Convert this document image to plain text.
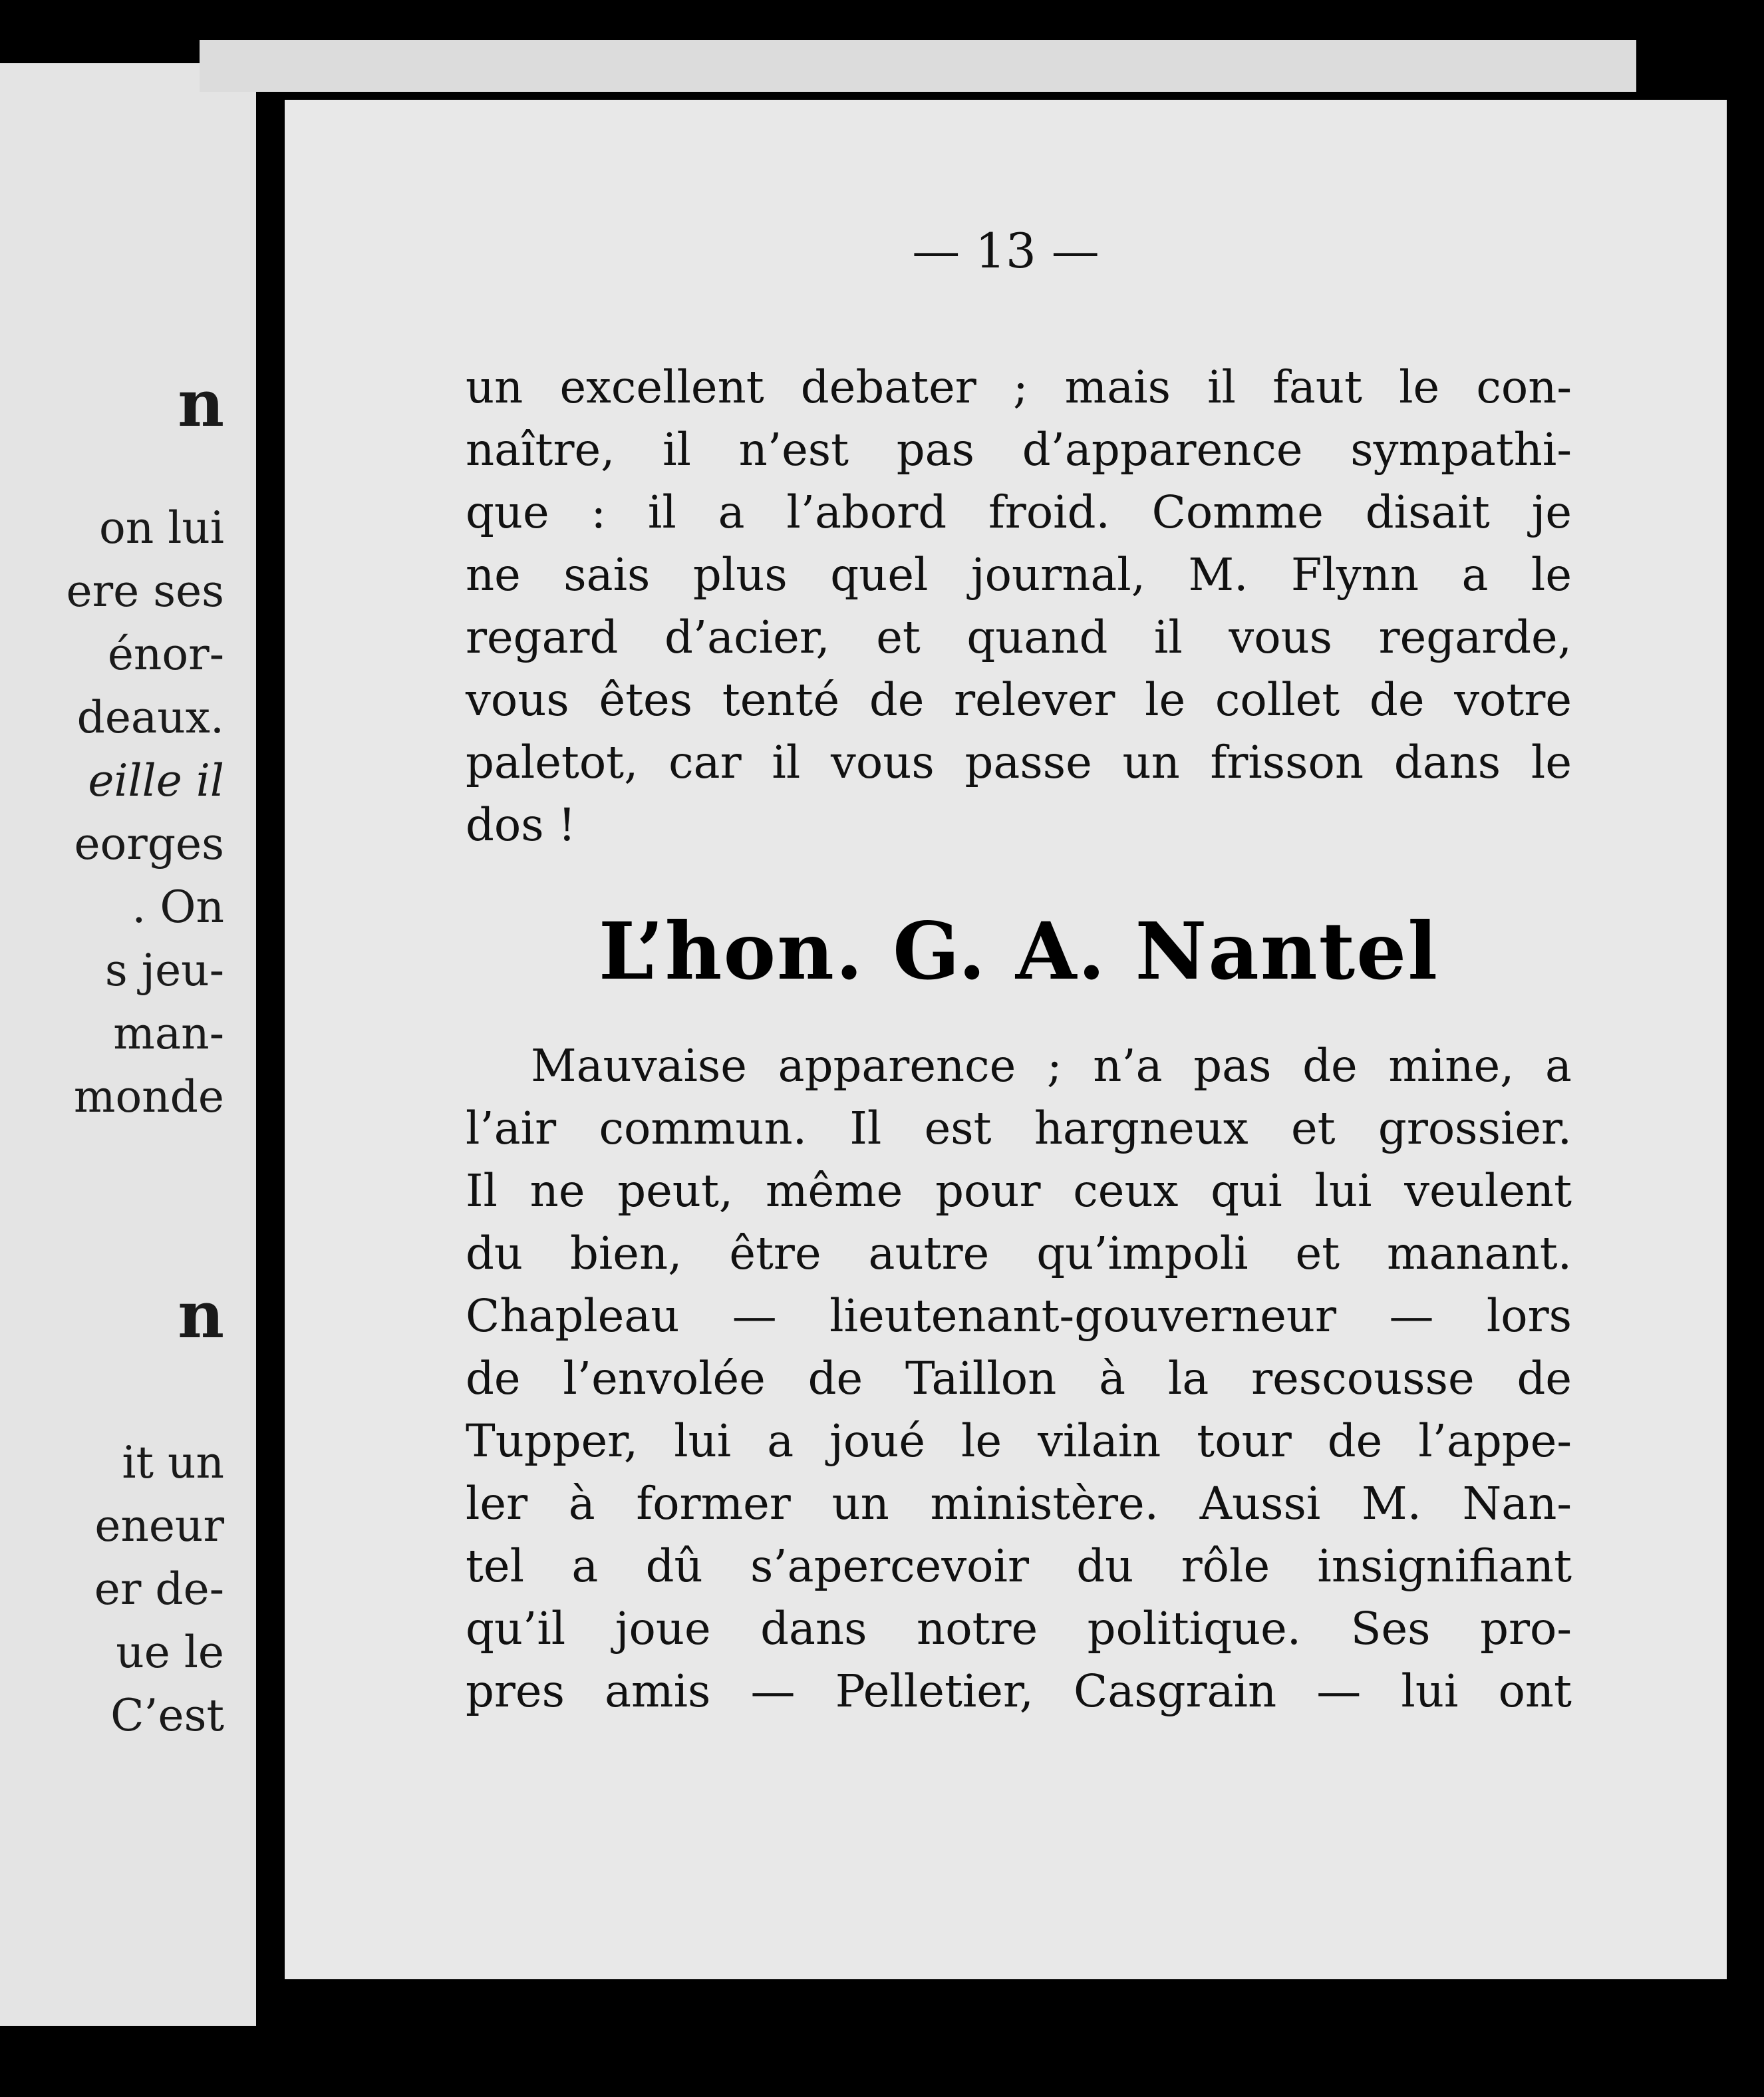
n
on lui
ere ses
énor-
deaux.
eille il
eorges
. On
s jeu-
man-
monde
n
it un
eneur
er de-
ue le
C’est
— 13 —
un excellent debater ; mais il faut le con-
naître, il n’est pas d’apparence sympathi-
que : il a l’abord froid. Comme disait je
ne sais plus quel journal, M. Flynn a le
regard d’acier, et quand il vous regarde,
vous êtes tenté de relever le collet de votre
paletot, car il vous passe un frisson dans le
dos !
L’hon. G. A. Nantel
Mauvaise apparence ; n’a pas de mine, a
l’air commun. Il est hargneux et grossier.
Il ne peut, même pour ceux qui lui veulent
du bien, être autre qu’impoli et manant.
Chapleau — lieutenant-gouverneur — lors
de l’envolée de Taillon à la rescousse de
Tupper, lui a joué le vilain tour de l’appe-
ler à former un ministère. Aussi M. Nan-
tel a dû s’apercevoir du rôle insignifiant
qu’il joue dans notre politique. Ses pro-
pres amis — Pelletier, Casgrain — lui ont
